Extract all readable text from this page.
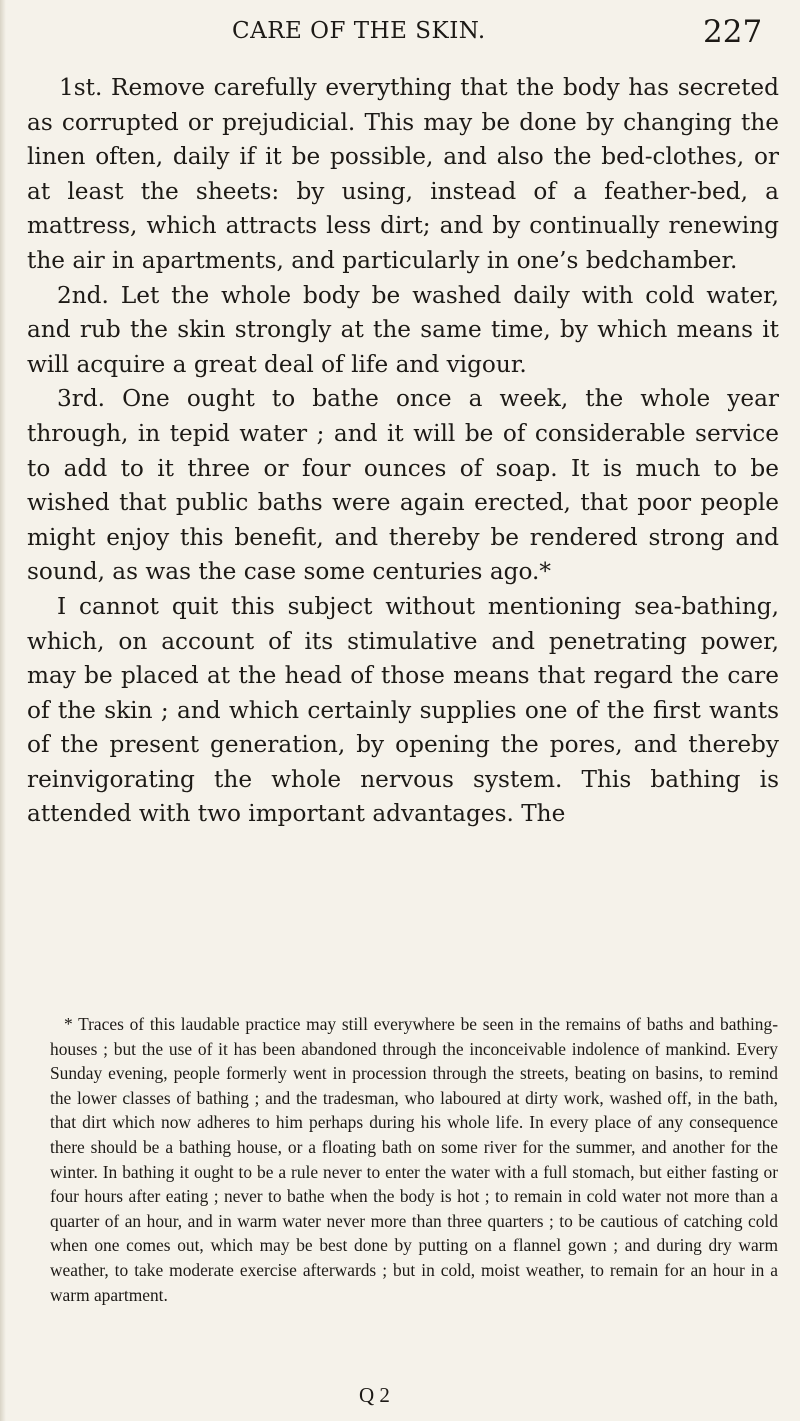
CARE OF THE SKIN.	227

1st. Remove carefully everything that the body has secreted as corrupted or prejudicial. This may be done by changing the linen often, daily if it be possible, and also the bed-clothes, or at least the sheets: by using, instead of a feather-bed, a mattress, which attracts less dirt; and by continually renewing the air in apartments, and particularly in one’s bedchamber.

2nd. Let the whole body be washed daily with cold water, and rub the skin strongly at the same time, by which means it will acquire a great deal of life and vigour.

3rd. One ought to bathe once a week, the whole year through, in tepid water ; and it will be of considerable service to add to it three or four ounces of soap. It is much to be wished that public baths were again erected, that poor people might enjoy this benefit, and thereby be rendered strong and sound, as was the case some centuries ago.*

I cannot quit this subject without mentioning sea-bathing, which, on account of its stimulative and penetrating power, may be placed at the head of those means that regard the care of the skin ; and which certainly supplies one of the first wants of the present generation, by opening the pores, and thereby reinvigorating the whole nervous system. This bathing is attended with two important advantages. The

* Traces of this laudable practice may still everywhere be seen in the remains of baths and bathing-houses ; but the use of it has been abandoned through the inconceivable indolence of mankind. Every Sunday evening, people formerly went in procession through the streets, beating on basins, to remind the lower classes of bathing ; and the tradesman, who laboured at dirty work, washed off, in the bath, that dirt which now adheres to him perhaps during his whole life. In every place of any consequence there should be a bathing house, or a floating bath on some river for the summer, and another for the winter. In bathing it ought to be a rule never to enter the water with a full stomach, but either fasting or four hours after eating ; never to bathe when the body is hot ; to remain in cold water not more than a quarter of an hour, and in warm water never more than three quarters ; to be cautious of catching cold when one comes out, which may be best done by putting on a flannel gown ; and during dry warm weather, to take moderate exercise afterwards ; but in cold, moist weather, to remain for an hour in a warm apartment.

Q 2
